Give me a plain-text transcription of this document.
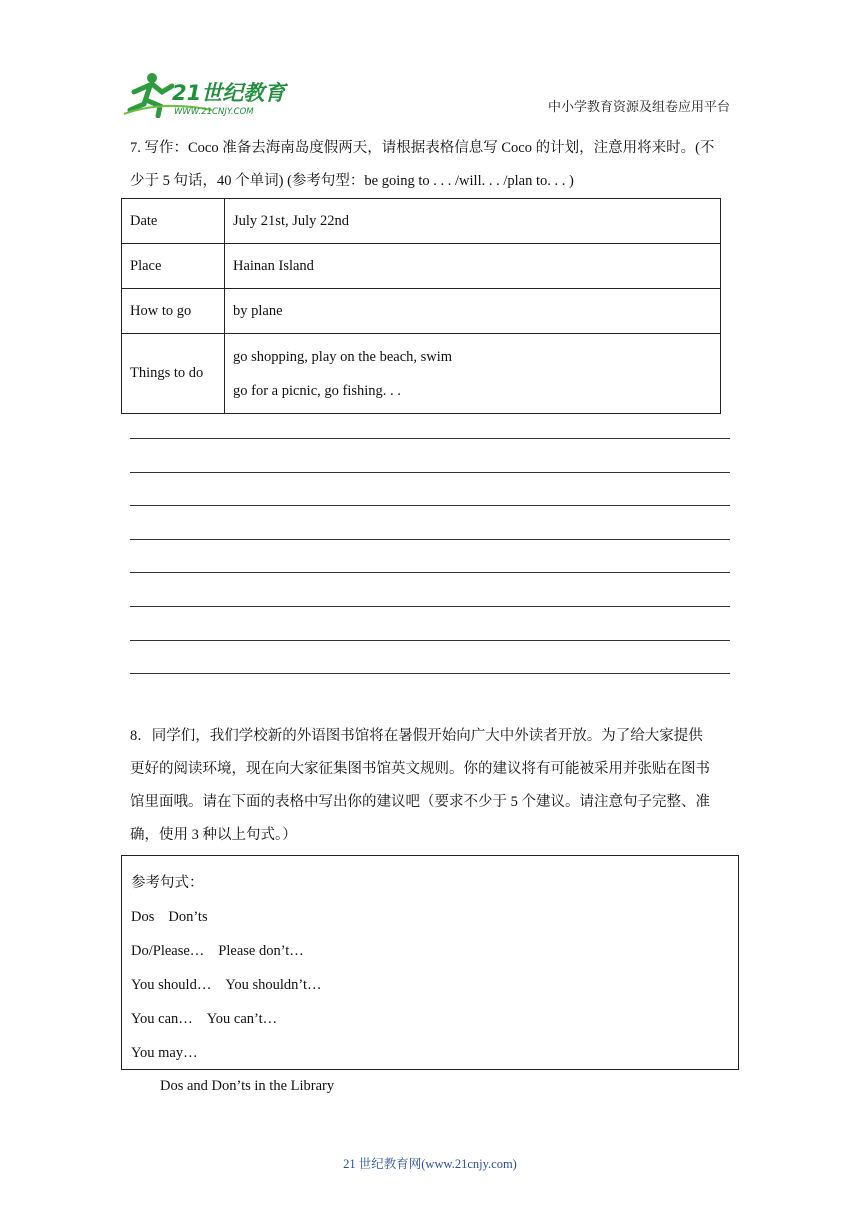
21世纪教育
WWW.21CNJY.COM	中小学教育资源及组卷应用平台
7. 写作：Coco 准备去海南岛度假两天，请根据表格信息写 Coco 的计划，注意用将来时。(不
少于 5 句话，40 个单词) (参考句型：be going to . . . /will. . . /plan to. . . )
Date	July 21st, July 22nd
Place	Hainan Island
How to go	by plane
Things to do	go shopping, play on the beach, swim
go for a picnic, go fishing. . .
8．同学们，我们学校新的外语图书馆将在暑假开始向广大中外读者开放。为了给大家提供
更好的阅读环境，现在向大家征集图书馆英文规则。你的建议将有可能被采用并张贴在图书
馆里面哦。请在下面的表格中写出你的建议吧（要求不少于 5 个建议。请注意句子完整、准
确，使用 3 种以上句式。）
参考句式：
Dos Don’ts
Do/Please… Please don’t…
You should… You shouldn’t…
You can… You can’t…
You may…
Dos and Don’ts in the Library
21 世纪教育网(www.21cnjy.com)
